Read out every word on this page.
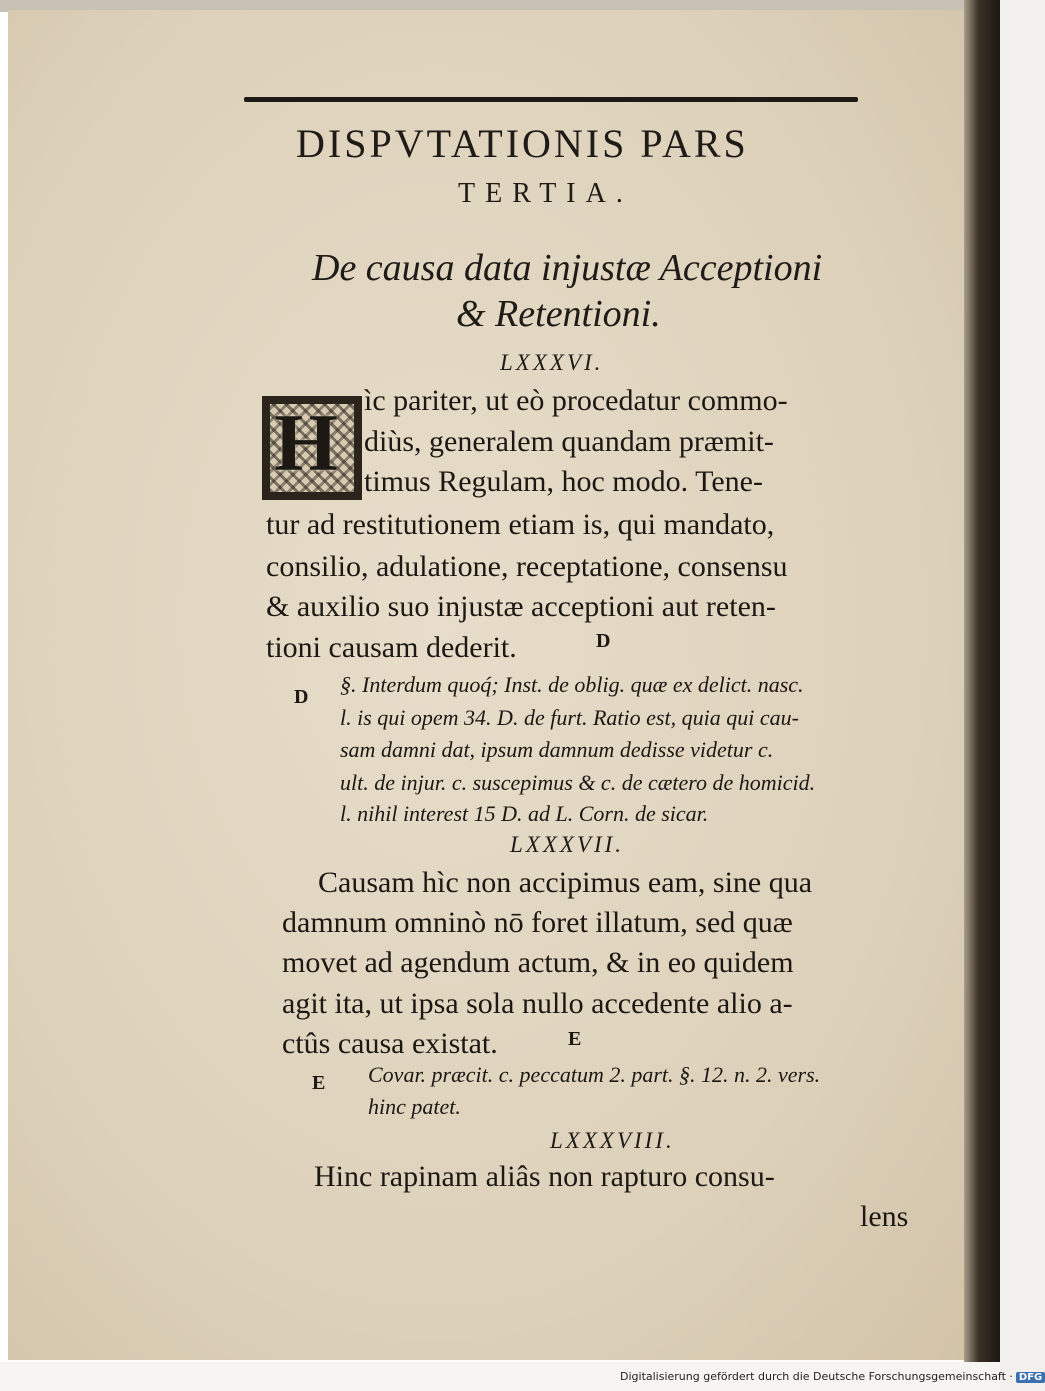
DISPVTATIONIS PARS
TERTIA.
De causa data injustæ Acceptioni
& Retentioni.
LXXXVI.
H ìc pariter, ut eò procedatur commo-
diùs, generalem quandam præmit-
timus Regulam, hoc modo. Tene-
tur ad restitutionem etiam is, qui mandato,
consilio, adulatione, receptatione, consensu
& auxilio suo injustæ acceptioni aut reten-
tioni causam dederit.	D
D §. Interdum quoq́; Inst. de oblig. quæ ex delict. nasc.
l. is qui opem 34. D. de furt. Ratio est, quia qui cau-
sam damni dat, ipsum damnum dedisse videtur c.
ult. de injur. c. suscepimus & c. de cætero de homicid.
l. nihil interest 15 D. ad L. Corn. de sicar.
LXXXVII.
Causam hìc non accipimus eam, sine qua
damnum omninò nō foret illatum, sed quæ
movet ad agendum actum, & in eo quidem
agit ita, ut ipsa sola nullo accedente alio a-
ctûs causa existat.	E
E Covar. præcit. c. peccatum 2. part. §. 12. n. 2. vers.
hinc patet.
LXXXVIII.
Hinc rapinam aliâs non rapturo consu-
lens
Digitalisierung gefördert durch die Deutsche Forschungsgemeinschaft · DFG
